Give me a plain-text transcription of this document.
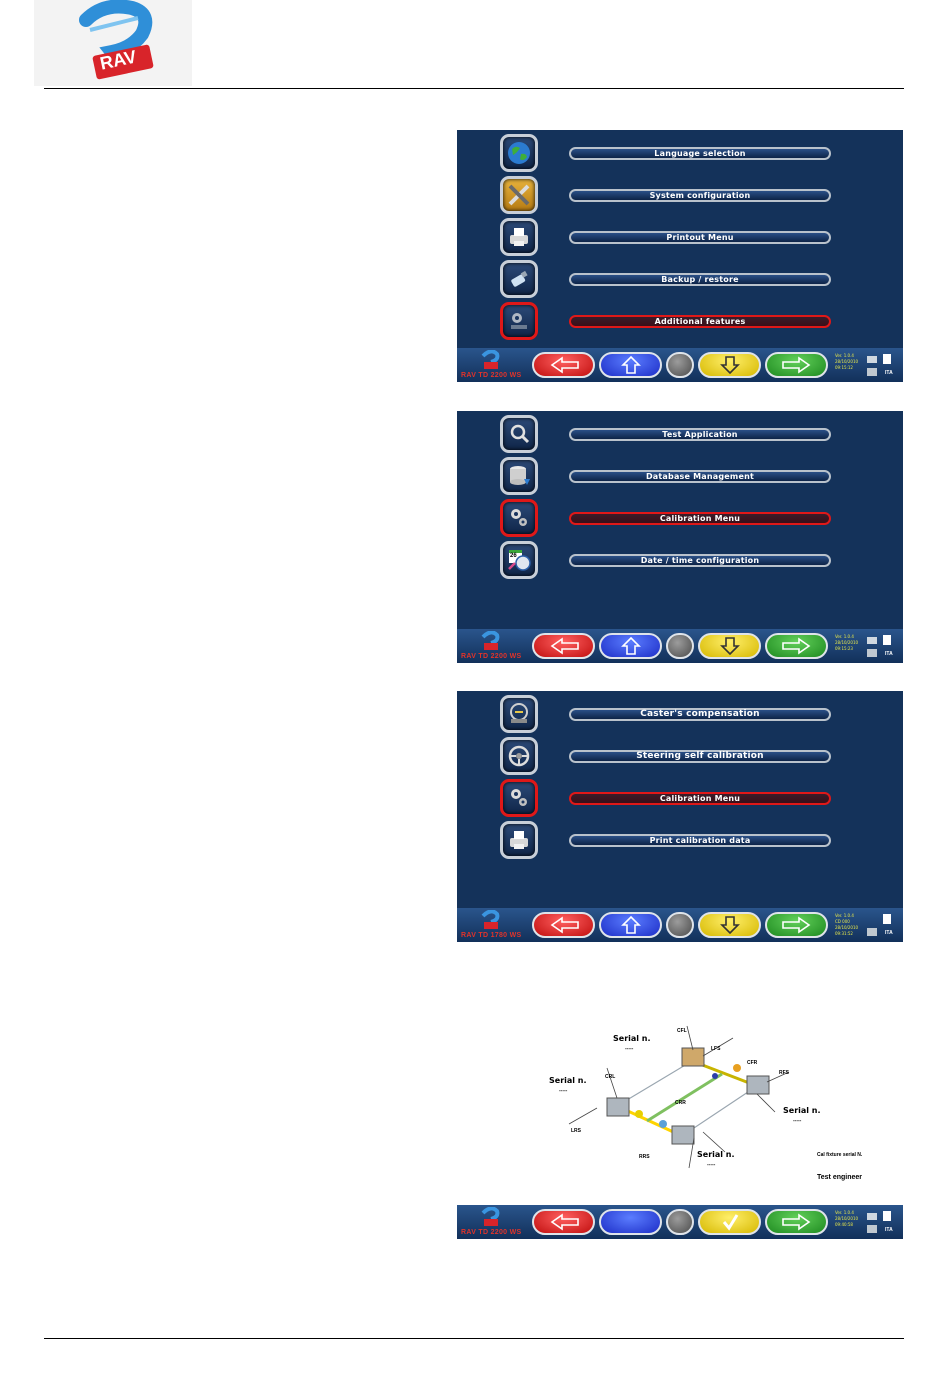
RAV
Language selection
System configuration
Printout Menu
Backup / restore
Additional features
RAV TD 2200 WS
Ver. 1.0.4
28/10/2010
09:15:12
ITA
Test Application
Database Management
Calibration Menu
26	Date / time configuration
RAV TD 2200 WS
Ver. 1.0.4
28/10/2010
09:15:23
ITA
Caster's compensation
Steering self calibration
Calibration Menu
Print calibration data
RAV TD 1780 WS
Ver. 1.0.4
CD 000
28/10/2010
09:31:52	ITA
Serial n.
-----
Serial n.
-----
Serial n.
-----
Serial n.
-----
Cal fixture serial N.
Test engineer
CFL
CFR
LFS
RFS
CRL
CRR
LRS
RRS
RAV TD 2200 WS
Ver. 1.0.4
28/10/2010
09:40:58
ITA
